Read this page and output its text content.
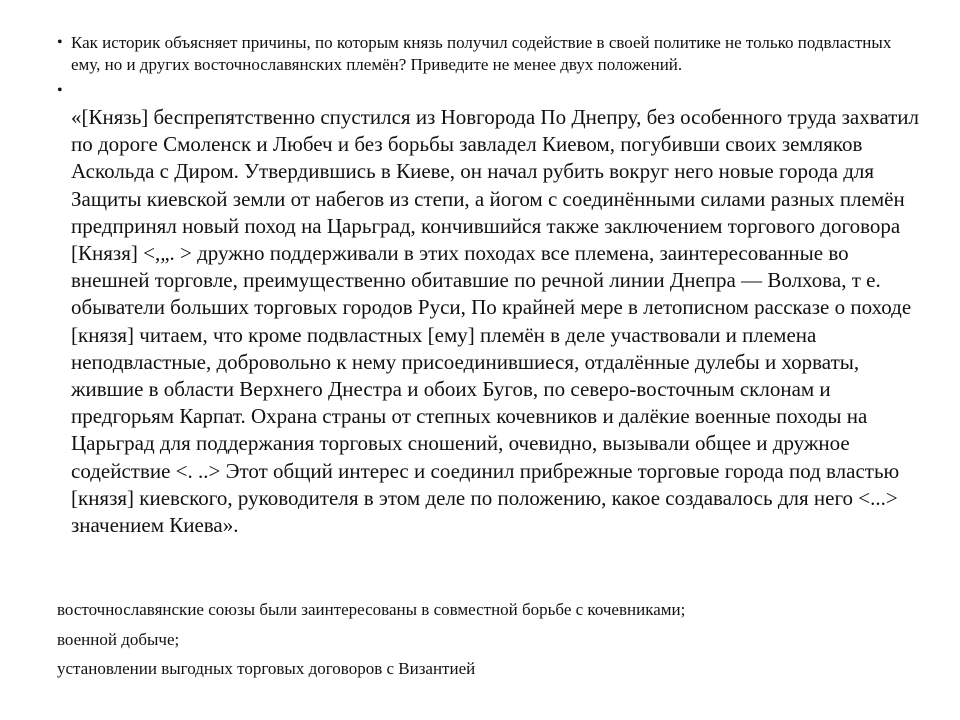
• Как историк объясняет причины, по которым князь получил содействие в своей политике не только подвластных ему, но и других восточнославянских племён? Приведите не менее двух положений.
•
«[Князь] беспрепятственно спустился из Новгорода По Днепру, без особенного труда захватил по дороге Смоленск и Любеч и без борьбы завладел Киевом, погубивши своих земляков Аскольда с Диром. Утвердившись в Киеве, он начал рубить вокруг него новые города для Защиты киевской земли от набегов из степи, а йогом с соединёнными силами разных племён предпринял новый поход на Царьград, кончившийся также заключением торгового договора [Князя] <,„. > дружно поддерживали в этих походах все племена, заинтересованные во внешней торговле, преимущественно обитавшие по речной линии Днепра — Волхова, т е. обыватели больших торговых городов Руси, По крайней мере в летописном рассказе о походе [князя] читаем, что кроме подвластных [ему] племён в деле участвовали и племена неподвластные, добровольно к нему присоединившиеся, отдалённые дулебы и хорваты, жившие в области Верхнего Днестра и обоих Бугов, по северо-восточным склонам и предгорьям Карпат. Охрана страны от степных кочевников и далёкие военные походы на Царьград для поддержания торговых сношений, очевидно, вызывали общее и дружное содействие <. ..> Этот общий интерес и соединил прибрежные торговые города под властью [князя] киевского, руководителя в этом деле по положению, какое создавалось для него <...> значением Киева».
восточнославянские союзы были заинтересованы в совместной борьбе с кочевниками;
военной добыче;
установлении выгодных торговых договоров с Византией
